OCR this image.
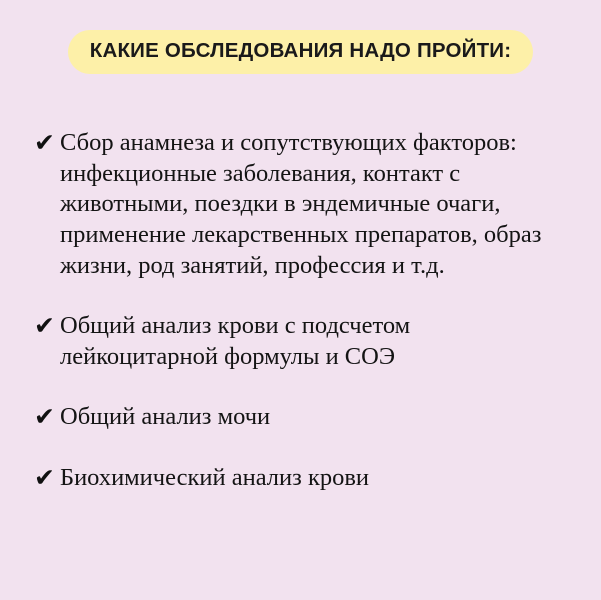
КАКИЕ ОБСЛЕДОВАНИЯ НАДО ПРОЙТИ:
✔ Сбор анамнеза и сопутствующих факторов: инфекционные заболевания, контакт с животными, поездки в эндемичные очаги, применение лекарственных препаратов, образ жизни, род занятий, профессия и т.д.
✔ Общий анализ крови с подсчетом лейкоцитарной формулы и СОЭ
✔ Общий анализ мочи
✔ Биохимический анализ крови
